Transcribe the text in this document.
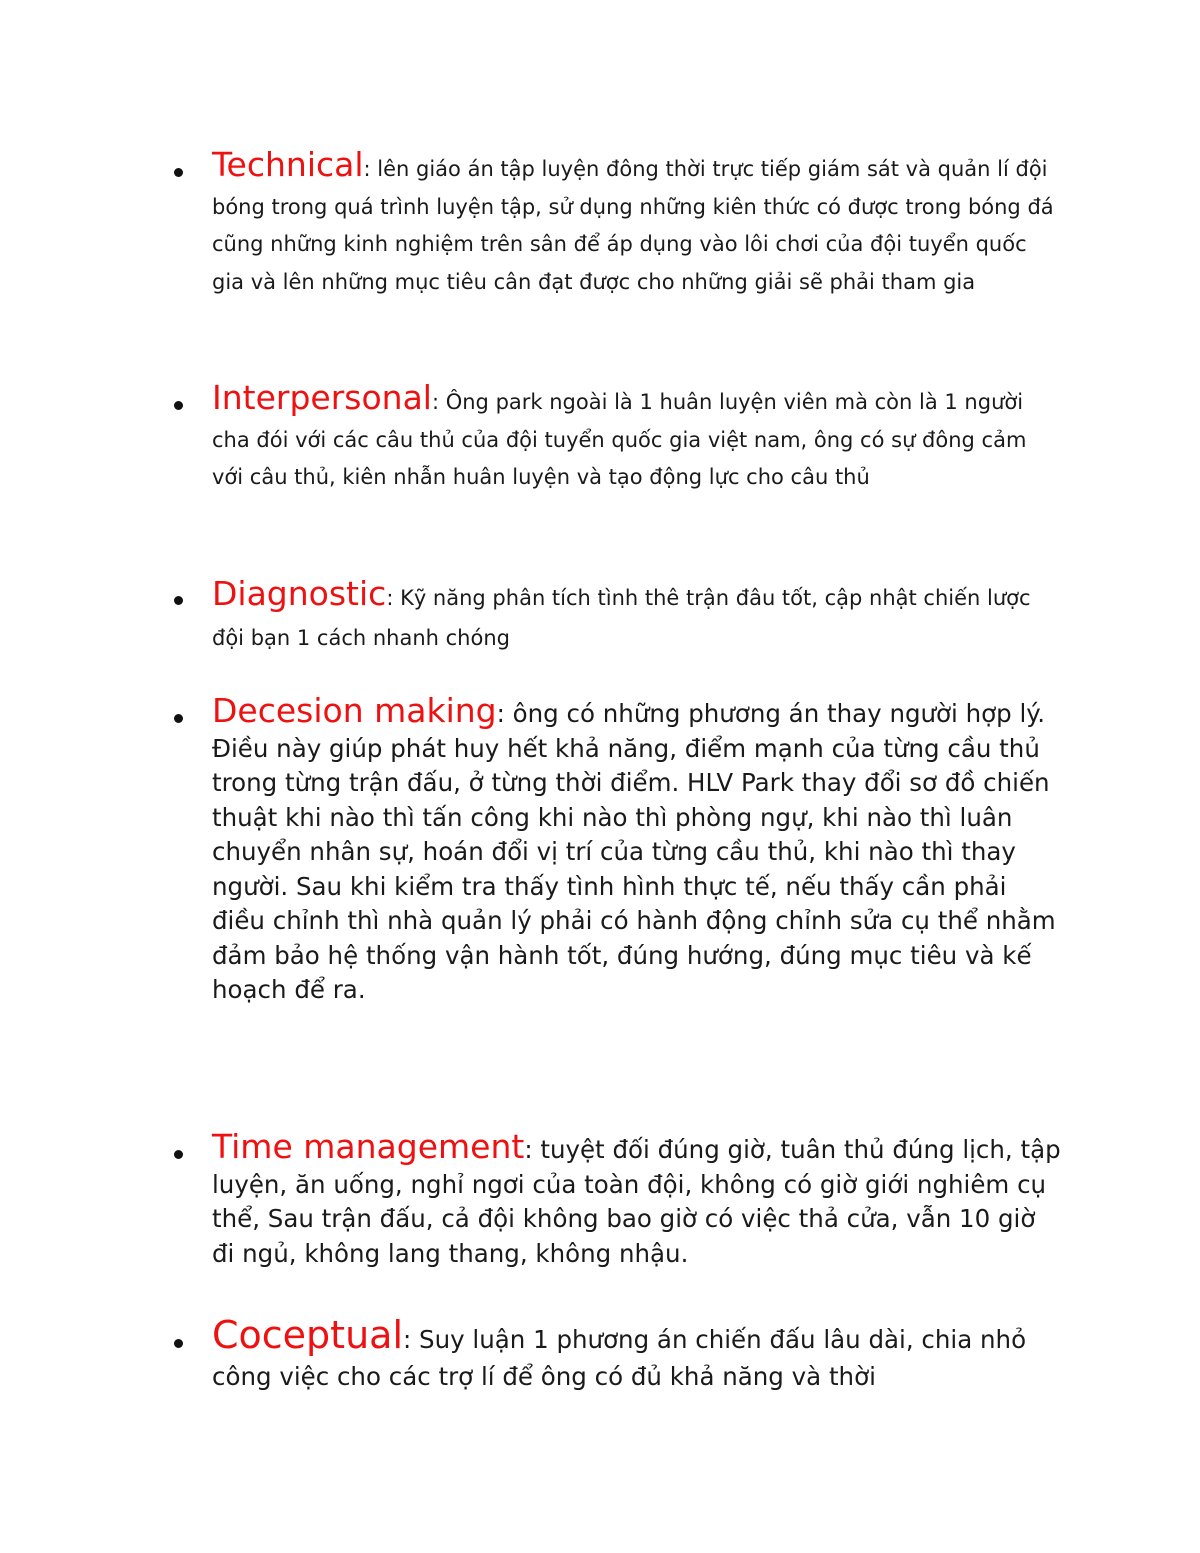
Technical: lên giáo án tập luyện đông thời trực tiếp giám sát và quản lí đội bóng trong quá trình luyện tập, sử dụng những kiên thức có được trong bóng đá cũng những kinh nghiệm trên sân để áp dụng vào lôi chơi của đội tuyển quốc gia và lên những mục tiêu cân đạt được cho những giải sẽ phải tham gia
Interpersonal: Ông park ngoài là 1 huân luyện viên mà còn là 1 người cha đói với các câu thủ của đội tuyển quốc gia việt nam, ông có sự đông cảm với câu thủ, kiên nhẫn huân luyện và tạo động lực cho câu thủ
Diagnostic: Kỹ năng phân tích tình thê trận đâu tốt, cập nhật chiến lược đội bạn 1 cách nhanh chóng
Decesion making: ông có những phương án thay người hợp lý. Điều này giúp phát huy hết khả năng, điểm mạnh của từng cầu thủ trong từng trận đấu, ở từng thời điểm. HLV Park thay đổi sơ đồ chiến thuật khi nào thì tấn công khi nào thì phòng ngự, khi nào thì luân chuyển nhân sự, hoán đổi vị trí của từng cầu thủ, khi nào thì thay người. Sau khi kiểm tra thấy tình hình thực tế, nếu thấy cần phải điều chỉnh thì nhà quản lý phải có hành động chỉnh sửa cụ thể nhằm đảm bảo hệ thống vận hành tốt, đúng hướng, đúng mục tiêu và kế hoạch để ra.
Time management: tuyệt đối đúng giờ, tuân thủ đúng lịch, tập luyện, ăn uống, nghỉ ngơi của toàn đội, không có giờ giới nghiêm cụ thể, Sau trận đấu, cả đội không bao giờ có việc thả cửa, vẫn 10 giờ đi ngủ, không lang thang, không nhậu.
Coceptual: Suy luận 1 phương án chiến đấu lâu dài, chia nhỏ công việc cho các trợ lí để ông có đủ khả năng và thời
